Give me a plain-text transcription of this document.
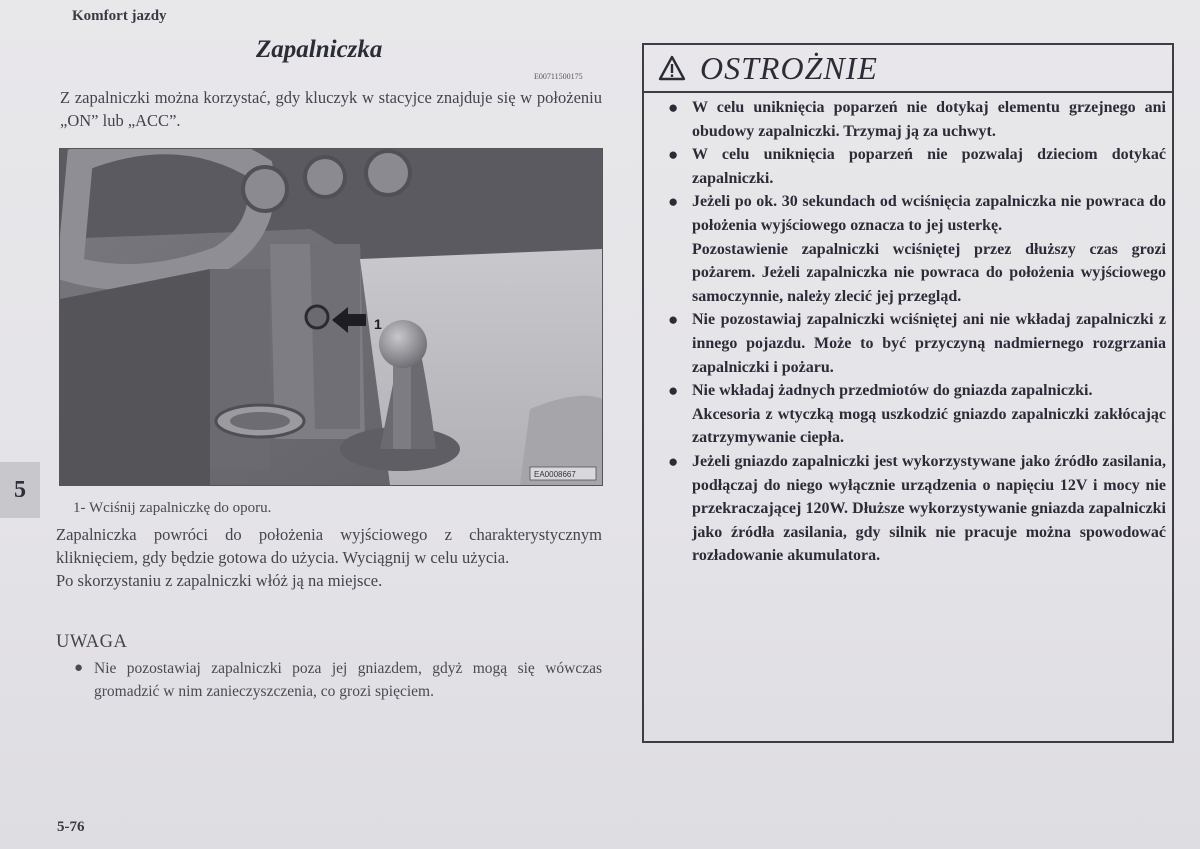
Komfort jazdy
Zapalniczka
E00711500175
Z zapalniczki można korzystać, gdy kluczyk w stacyjce znajduje się w położeniu „ON” lub „ACC”.
1
EA0008667
5
1- Wciśnij zapalniczkę do oporu.

Zapalniczka powróci do położenia wyjściowego z charakterystycznym kliknięciem, gdy będzie gotowa do użycia. Wyciągnij w celu użycia.

Po skorzystaniu z zapalniczki włóż ją na miejsce.

UWAGA
● Nie pozostawiaj zapalniczki poza jej gniazdem, gdyż mogą się wówczas gromadzić w nim zanieczyszczenia, co grozi spięciem.
5-76
OSTROŻNIE
● W celu uniknięcia poparzeń nie dotykaj elementu grzejnego ani obudowy zapalniczki. Trzymaj ją za uchwyt.

● W celu uniknięcia poparzeń nie pozwalaj dzieciom dotykać zapalniczki.

● Jeżeli po ok. 30 sekundach od wciśnięcia zapalniczka nie powraca do położenia wyjściowego oznacza to jej usterkę.

Pozostawienie zapalniczki wciśniętej przez dłuższy czas grozi pożarem. Jeżeli zapalniczka nie powraca do położenia wyjściowego samoczynnie, należy zlecić jej przegląd.

● Nie pozostawiaj zapalniczki wciśniętej ani nie wkładaj zapalniczki z innego pojazdu. Może to być przyczyną nadmiernego rozgrzania zapalniczki i pożaru.

● Nie wkładaj żadnych przedmiotów do gniazda zapalniczki.

Akcesoria z wtyczką mogą uszkodzić gniazdo zapalniczki zakłócając zatrzymywanie ciepła.

● Jeżeli gniazdo zapalniczki jest wykorzystywane jako źródło zasilania, podłączaj do niego wyłącznie urządzenia o napięciu 12V i mocy nie przekraczającej 120W. Dłuższe wykorzystywanie gniazda zapalniczki jako źródła zasilania, gdy silnik nie pracuje można spowodować rozładowanie akumulatora.
